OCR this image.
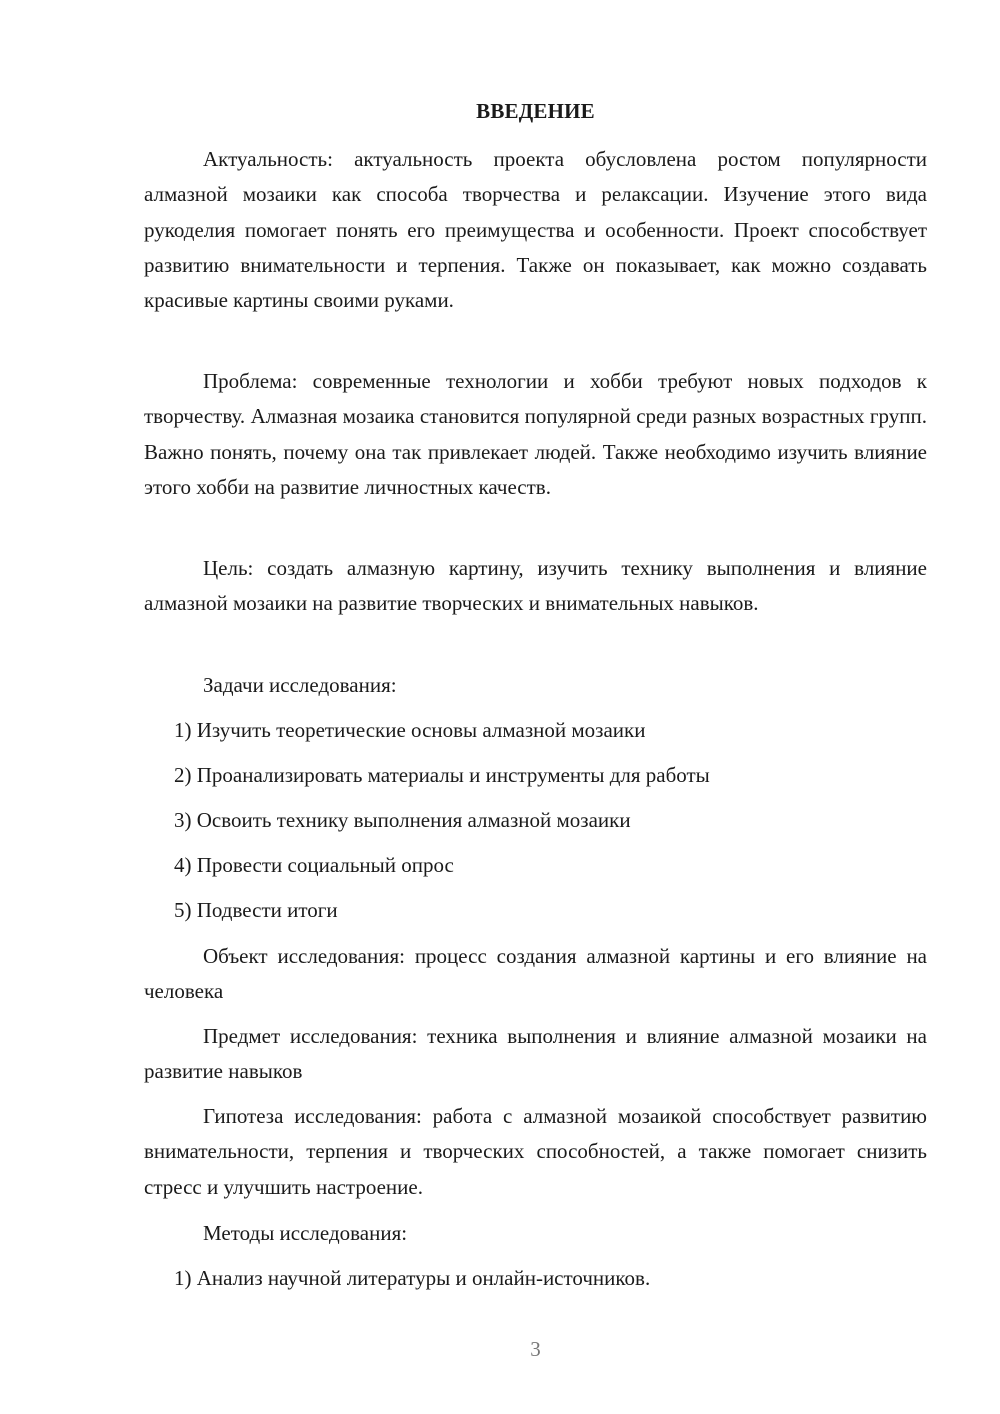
ВВЕДЕНИЕ

Актуальность: актуальность проекта обусловлена ростом популярности алмазной мозаики как способа творчества и релаксации. Изучение этого вида рукоделия помогает понять его преимущества и особенности. Проект способствует развитию внимательности и терпения. Также он показывает, как можно создавать красивые картины своими руками.

Проблема: современные технологии и хобби требуют новых подходов к творчеству. Алмазная мозаика становится популярной среди разных возрастных групп. Важно понять, почему она так привлекает людей. Также необходимо изучить влияние этого хобби на развитие личностных качеств.

Цель: создать алмазную картину, изучить технику выполнения и влияние алмазной мозаики на развитие творческих и внимательных навыков.

Задачи исследования:
1) Изучить теоретические основы алмазной мозаики
2) Проанализировать материалы и инструменты для работы
3) Освоить технику выполнения алмазной мозаики
4) Провести социальный опрос
5) Подвести итоги

Объект исследования: процесс создания алмазной картины и его влияние на человека

Предмет исследования: техника выполнения и влияние алмазной мозаики на развитие навыков

Гипотеза исследования: работа с алмазной мозаикой способствует развитию внимательности, терпения и творческих способностей, а также помогает снизить стресс и улучшить настроение.

Методы исследования:
1) Анализ научной литературы и онлайн-источников.
3
